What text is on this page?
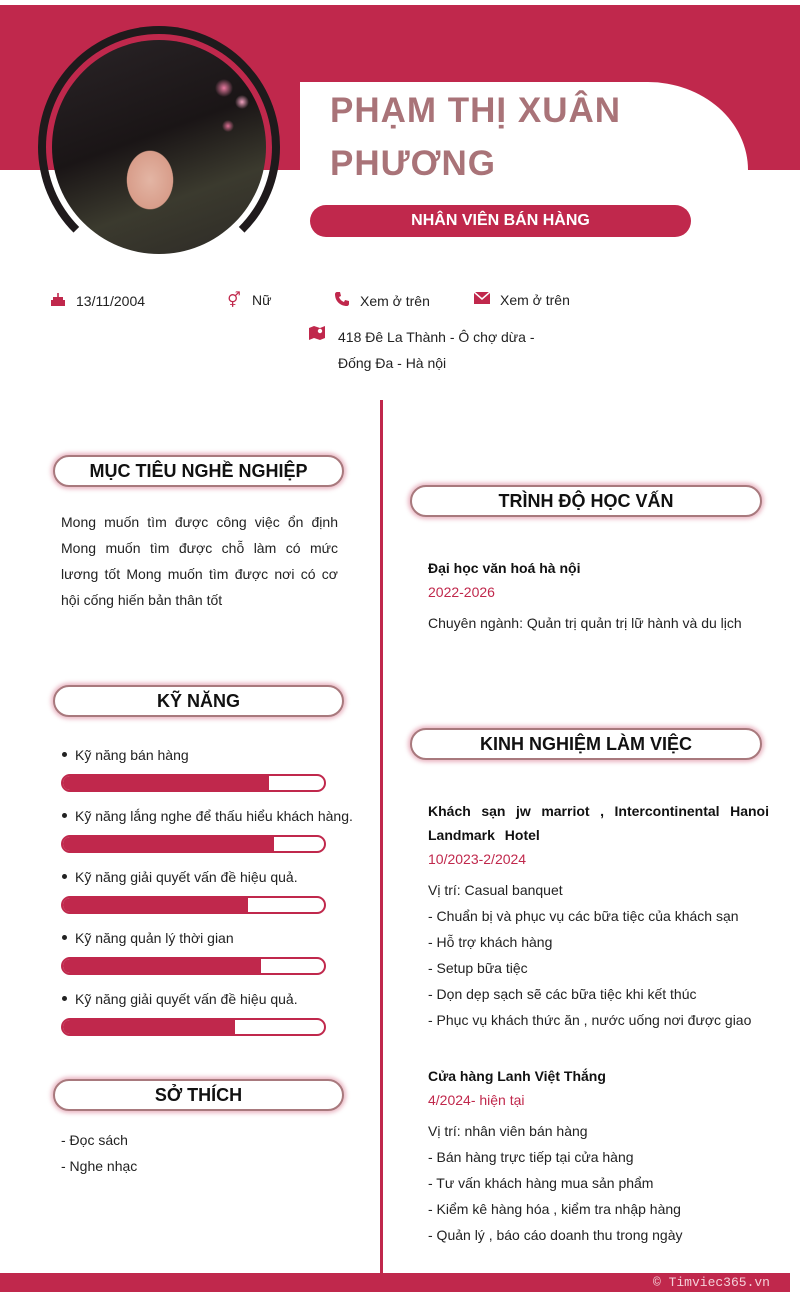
PHẠM THỊ XUÂN
PHƯƠNG
NHÂN VIÊN BÁN HÀNG
13/11/2004	⚥ Nữ	Xem ở trên	Xem ở trên
418 Đê La Thành - Ô chợ dừa -
Đống Đa - Hà nội
MỤC TIÊU NGHỀ NGHIỆP
Mong muốn tìm được công việc ổn định Mong muốn tìm được chỗ làm có mức lương tốt Mong muốn tìm được nơi có cơ hội cống hiến bản thân tốt
KỸ NĂNG
Kỹ năng bán hàng
Kỹ năng lắng nghe để thấu hiểu khách hàng.
Kỹ năng giải quyết vấn đề hiệu quả.
Kỹ năng quản lý thời gian
Kỹ năng giải quyết vấn đề hiệu quả.
SỞ THÍCH
- Đọc sách
- Nghe nhạc
TRÌNH ĐỘ HỌC VẤN
Đại học văn hoá hà nội
2022-2026
Chuyên ngành: Quản trị quản trị lữ hành và du lịch
KINH NGHIỆM LÀM VIỆC
Khách sạn jw marriot , Intercontinental Hanoi Landmark Hotel
10/2023-2/2024
Vị trí: Casual banquet
- Chuẩn bị và phục vụ các bữa tiệc của khách sạn
- Hỗ trợ khách hàng
- Setup bữa tiệc
- Dọn dẹp sạch sẽ các bữa tiệc khi kết thúc
- Phục vụ khách thức ăn , nước uống nơi được giao
Cửa hàng Lanh Việt Thắng
4/2024- hiện tại
Vị trí: nhân viên bán hàng
- Bán hàng trực tiếp tại cửa hàng
- Tư vấn khách hàng mua sản phẩm
- Kiểm kê hàng hóa , kiểm tra nhập hàng
- Quản lý , báo cáo doanh thu trong ngày
© Timviec365.vn
